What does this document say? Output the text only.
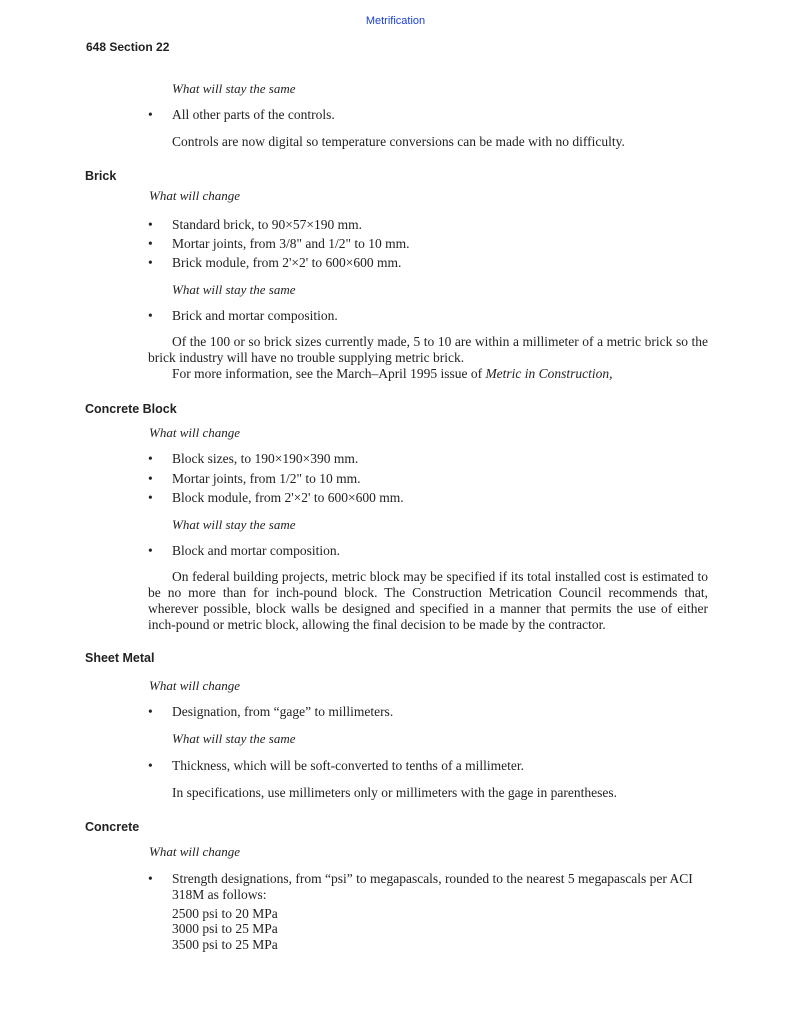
Metrification
648 Section 22
What will stay the same
• All other parts of the controls.
Controls are now digital so temperature conversions can be made with no difficulty.
Brick
What will change
• Standard brick, to 90×57×190 mm.
• Mortar joints, from 3/8" and 1/2" to 10 mm.
• Brick module, from 2'×2' to 600×600 mm.
What will stay the same
• Brick and mortar composition.
Of the 100 or so brick sizes currently made, 5 to 10 are within a millimeter of a metric brick so the brick industry will have no trouble supplying metric brick.
For more information, see the March–April 1995 issue of Metric in Construction,
Concrete Block
What will change
• Block sizes, to 190×190×390 mm.
• Mortar joints, from 1/2" to 10 mm.
• Block module, from 2'×2' to 600×600 mm.
What will stay the same
• Block and mortar composition.
On federal building projects, metric block may be specified if its total installed cost is estimated to be no more than for inch-pound block. The Construction Metrication Council recommends that, wherever possible, block walls be designed and specified in a manner that permits the use of either inch-pound or metric block, allowing the final decision to be made by the contractor.
Sheet Metal
What will change
• Designation, from “gage” to millimeters.
What will stay the same
• Thickness, which will be soft-converted to tenths of a millimeter.
In specifications, use millimeters only or millimeters with the gage in parentheses.
Concrete
What will change
• Strength designations, from “psi” to megapascals, rounded to the nearest 5 megapascals per ACI 318M as follows:
2500 psi to 20 MPa
3000 psi to 25 MPa
3500 psi to 25 MPa
